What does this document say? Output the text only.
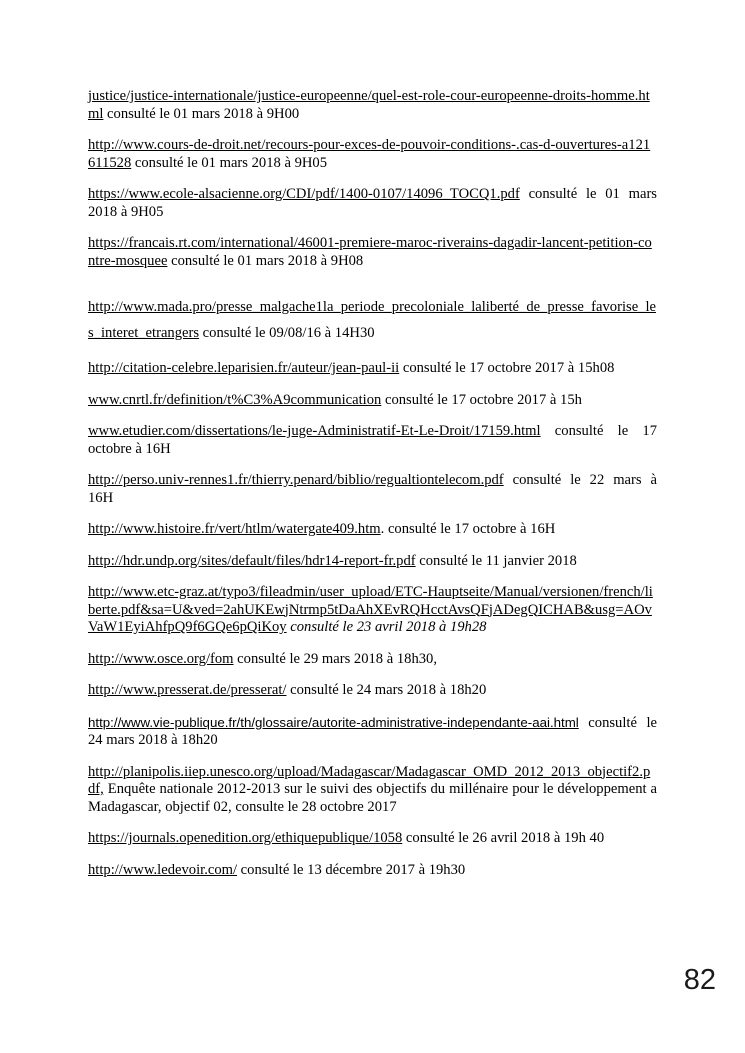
justice/justice-internationale/justice-europeenne/quel-est-role-cour-europeenne-droits-homme.html consulté le 01 mars 2018 à 9H00

http://www.cours-de-droit.net/recours-pour-exces-de-pouvoir-conditions-.cas-d-ouvertures-a121611528 consulté le 01 mars 2018 à 9H05

https://www.ecole-alsacienne.org/CDI/pdf/1400-0107/14096_TOCQ1.pdf consulté le 01 mars 2018 à 9H05

https://francais.rt.com/international/46001-premiere-maroc-riverains-dagadir-lancent-petition-contre-mosquee consulté le 01 mars 2018 à 9H08

http://www.mada.pro/presse_malgache1la_periode_precoloniale_laliberté_de_presse_favorise_les_interet_etrangers consulté le 09/08/16 à 14H30

http://citation-celebre.leparisien.fr/auteur/jean-paul-ii consulté le 17 octobre 2017 à 15h08

www.cnrtl.fr/definition/t%C3%A9communication consulté le 17 octobre 2017 à 15h

www.etudier.com/dissertations/le-juge-Administratif-Et-Le-Droit/17159.html consulté le 17 octobre à 16H

http://perso.univ-rennes1.fr/thierry.penard/biblio/regualtiontelecom.pdf consulté le 22 mars à 16H

http://www.histoire.fr/vert/htlm/watergate409.htm. consulté le 17 octobre à 16H

http://hdr.undp.org/sites/default/files/hdr14-report-fr.pdf consulté le 11 janvier 2018

http://www.etc-graz.at/typo3/fileadmin/user_upload/ETC-Hauptseite/Manual/versionen/french/liberte.pdf&sa=U&ved=2ahUKEwjNtrmp5tDaAhXEvRQHcctAvsQFjADegQICHAB&usg=AOvVaW1EyiAhfpQ9f6GQe6pQiKoy consulté le 23 avril 2018 à 19h28

http://www.osce.org/fom consulté le 29 mars 2018 à 18h30,

http://www.presserat.de/presserat/ consulté le 24 mars 2018 à 18h20

http://www.vie-publique.fr/th/glossaire/autorite-administrative-independante-aai.html consulté le 24 mars 2018 à 18h20

http://planipolis.iiep.unesco.org/upload/Madagascar/Madagascar_OMD_2012_2013_objectif2.pdf, Enquête nationale 2012-2013 sur le suivi des objectifs du millénaire pour le développement a Madagascar, objectif 02, consulte le 28 octobre 2017

https://journals.openedition.org/ethiquepublique/1058 consulté le 26 avril 2018 à 19h 40

http://www.ledevoir.com/ consulté le 13 décembre 2017 à 19h30

82
